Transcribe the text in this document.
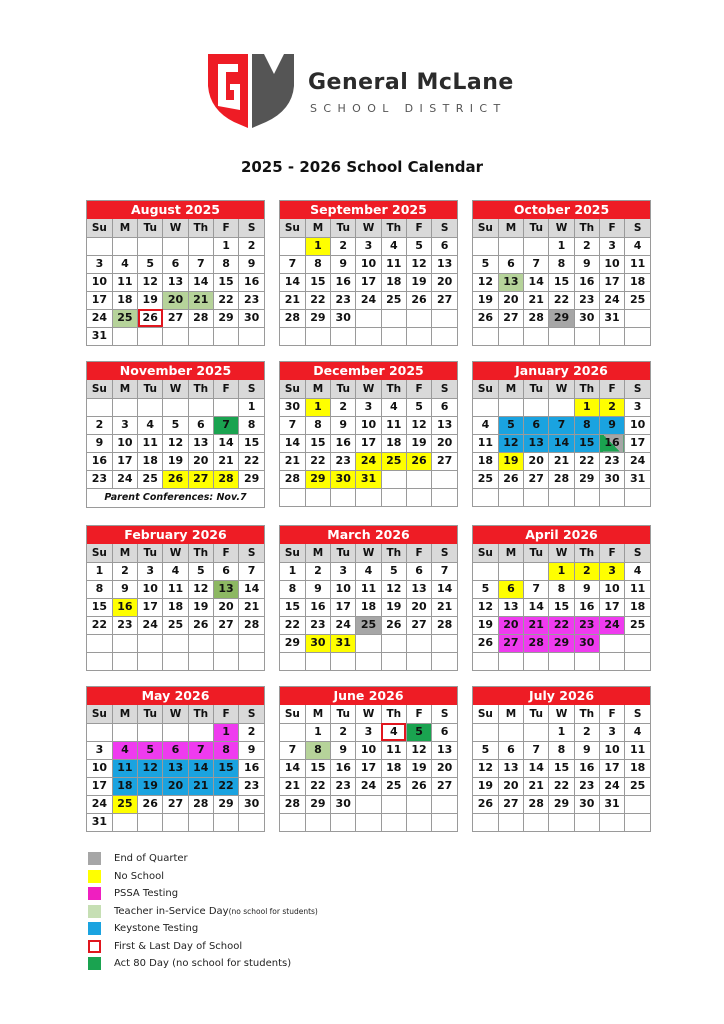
General McLane
SCHOOL DISTRICT
2025 - 2026 School Calendar
August 2025
Su	M	Tu	W	Th	F	S
					1	2
3	4	5	6	7	8	9
10	11	12	13	14	15	16
17	18	19	20	21	22	23
24	25	26	27	28	29	30
31						
September 2025
Su	M	Tu	W	Th	F	S
	1	2	3	4	5	6
7	8	9	10	11	12	13
14	15	16	17	18	19	20
21	22	23	24	25	26	27
28	29	30				

October 2025
Su	M	Tu	W	Th	F	S
			1	2	3	4
5	6	7	8	9	10	11
12	13	14	15	16	17	18
19	20	21	22	23	24	25
26	27	28	29	30	31	

November 2025
Su	M	Tu	W	Th	F	S
						1
2	3	4	5	6	7	8
9	10	11	12	13	14	15
16	17	18	19	20	21	22
23	24	25	26	27	28	29
Parent Conferences: Nov.7
December 2025
Su	M	Tu	W	Th	F	S
30	1	2	3	4	5	6
7	8	9	10	11	12	13
14	15	16	17	18	19	20
21	22	23	24	25	26	27
28	29	30	31			

January 2026
Su	M	Tu	W	Th	F	S
				1	2	3
4	5	6	7	8	9	10
11	12	13	14	15	16	17
18	19	20	21	22	23	24
25	26	27	28	29	30	31

February 2026
Su	M	Tu	W	Th	F	S
1	2	3	4	5	6	7
8	9	10	11	12	13	14
15	16	17	18	19	20	21
22	23	24	25	26	27	28

March 2026
Su	M	Tu	W	Th	F	S
1	2	3	4	5	6	7
8	9	10	11	12	13	14
15	16	17	18	19	20	21
22	23	24	25	26	27	28
29	30	31				

April 2026
Su	M	Tu	W	Th	F	S
			1	2	3	4
5	6	7	8	9	10	11
12	13	14	15	16	17	18
19	20	21	22	23	24	25
26	27	28	29	30		

May 2026
Su	M	Tu	W	Th	F	S
					1	2
3	4	5	6	7	8	9
10	11	12	13	14	15	16
17	18	19	20	21	22	23
24	25	26	27	28	29	30
31						
June 2026
Su	M	Tu	W	Th	F	S
	1	2	3	4	5	6
7	8	9	10	11	12	13
14	15	16	17	18	19	20
21	22	23	24	25	26	27
28	29	30				

July 2026
Su	M	Tu	W	Th	F	S
			1	2	3	4
5	6	7	8	9	10	11
12	13	14	15	16	17	18
19	20	21	22	23	24	25
26	27	28	29	30	31	

End of Quarter
No School
PSSA Testing
Teacher in-Service Day (no school for students)
Keystone Testing
First & Last Day of School
Act 80 Day (no school for students)
